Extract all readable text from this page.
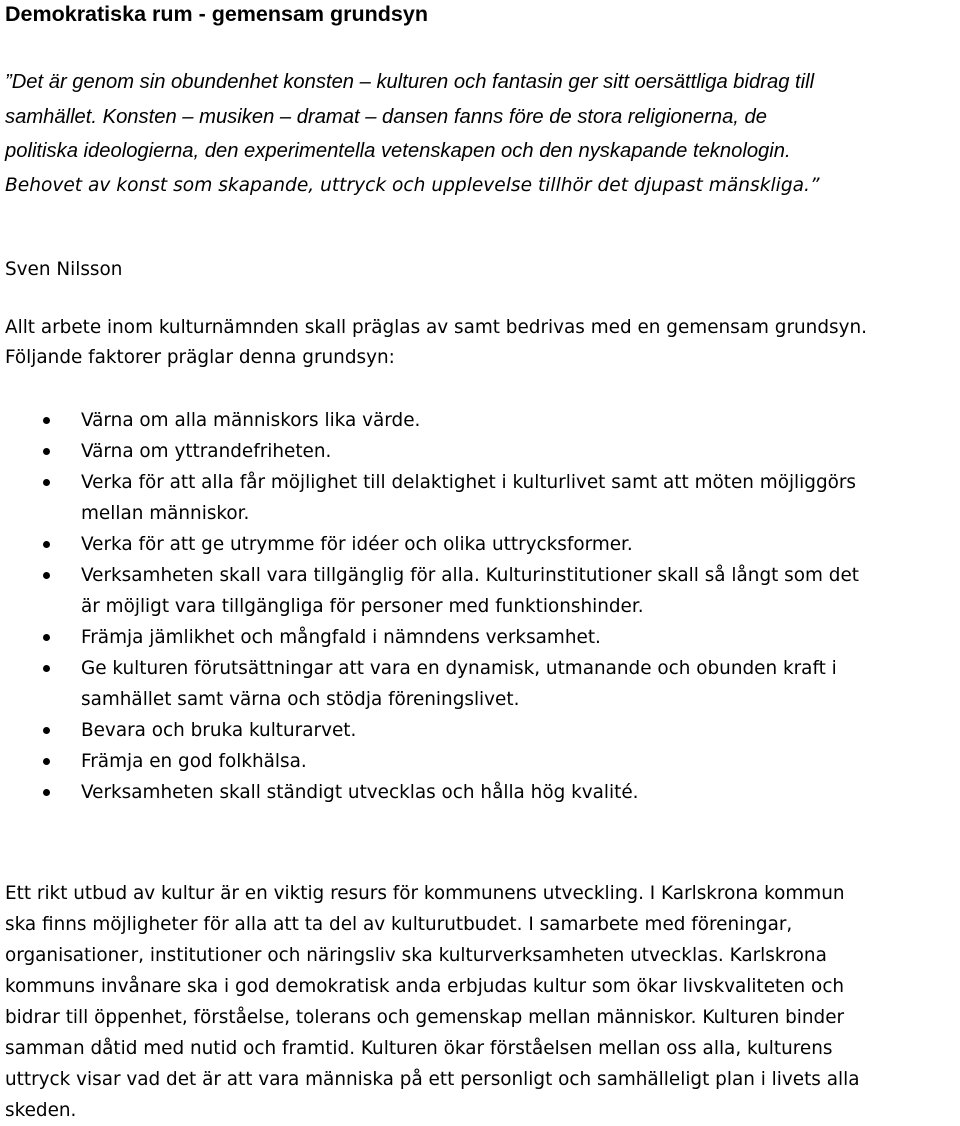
Demokratiska rum - gemensam grundsyn

”Det är genom sin obundenhet konsten – kulturen och fantasin ger sitt oersättliga bidrag till
samhället. Konsten – musiken – dramat – dansen fanns före de stora religionerna, de
politiska ideologierna, den experimentella vetenskapen och den nyskapande teknologin.
Behovet av konst som skapande, uttryck och upplevelse tillhör det djupast mänskliga.”

Sven Nilsson

Allt arbete inom kulturnämnden skall präglas av samt bedrivas med en gemensam grundsyn.
Följande faktorer präglar denna grundsyn:

Värna om alla människors lika värde.
Värna om yttrandefriheten.
Verka för att alla får möjlighet till delaktighet i kulturlivet samt att möten möjliggörs
mellan människor.
Verka för att ge utrymme för idéer och olika uttrycksformer.
Verksamheten skall vara tillgänglig för alla. Kulturinstitutioner skall så långt som det
är möjligt vara tillgängliga för personer med funktionshinder.
Främja jämlikhet och mångfald i nämndens verksamhet.
Ge kulturen förutsättningar att vara en dynamisk, utmanande och obunden kraft i
samhället samt värna och stödja föreningslivet.
Bevara och bruka kulturarvet.
Främja en god folkhälsa.
Verksamheten skall ständigt utvecklas och hålla hög kvalité.

Ett rikt utbud av kultur är en viktig resurs för kommunens utveckling. I Karlskrona kommun
ska finns möjligheter för alla att ta del av kulturutbudet. I samarbete med föreningar,
organisationer, institutioner och näringsliv ska kulturverksamheten utvecklas. Karlskrona
kommuns invånare ska i god demokratisk anda erbjudas kultur som ökar livskvaliteten och
bidrar till öppenhet, förståelse, tolerans och gemenskap mellan människor. Kulturen binder
samman dåtid med nutid och framtid. Kulturen ökar förståelsen mellan oss alla, kulturens
uttryck visar vad det är att vara människa på ett personligt och samhälleligt plan i livets alla
skeden.
